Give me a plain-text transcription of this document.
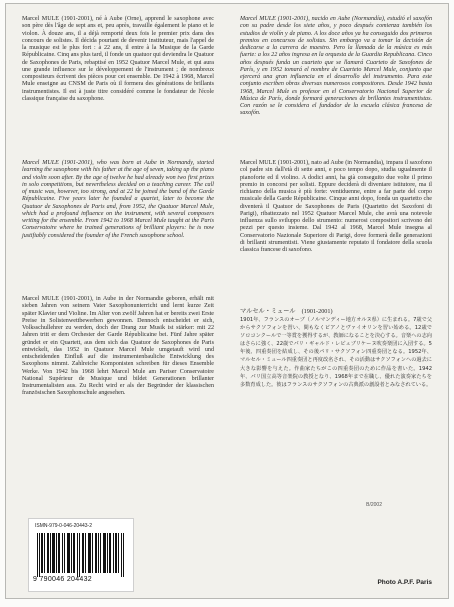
Marcel MULE (1901-2001), né à Aube (Orne), apprend le saxophone avec son père dès l'âge de sept ans et, peu après, travaille également le piano et le violon. À douze ans, il a déjà remporté deux fois le premier prix dans des concours de solistes. Il décida pourtant de devenir instituteur, mais l'appel de la musique est le plus fort : à 22 ans, il entre à la Musique de la Garde Républicaine. Cinq ans plus tard, il fonde un quatuor qui deviendra le Quatuor de Saxophones de Paris, rebaptisé en 1952 Quatuor Marcel Mule, et qui aura une grande influence sur le développement de l'instrument ; de nombreux compositeurs écrivent des pièces pour cet ensemble. De 1942 à 1968, Marcel Mule enseigne au CNSM de Paris où il formera des générations de brillants instrumentistes. Il est à juste titre considéré comme le fondateur de l'école classique française du saxophone.

Marcel MULE (1901-2001), who was born at Aube in Normandy, started learning the saxophone with his father at the age of seven, taking up the piano and violin soon after. By the age of twelve he had already won two first prizes in solo competitions, but nevertheless decided on a teaching career. The call of music was, however, too strong, and at 22 he joined the band of the Garde Républicaine. Five years later he founded a quartet, later to become the Quatuor de Saxophones de Paris and, from 1952, the Quatuor Marcel Mule, which had a profound influence on the instrument, with several composers writing for the ensemble. From 1942 to 1968 Marcel Mule taught at the Paris Conservatoire where he trained generations of brilliant players: he is now justifiably considered the founder of the French saxophone school.

Marcel MULE (1901-2001), in Aube in der Normandie geboren, erhält mit sieben Jahren von seinem Vater Saxophonunterricht und lernt kurze Zeit später Klavier und Violine. Im Alter von zwölf Jahren hat er bereits zwei Erste Preise in Solistenwettbewerben gewonnen. Dennoch entscheidet er sich, Volksschullehrer zu werden, doch der Drang zur Musik ist stärker: mit 22 Jahren tritt er dem Orchester der Garde Républicaine bei. Fünf Jahre später gründet er ein Quartett, aus dem sich das Quatuor de Saxophones de Paris entwickelt, das 1952 in Quatuor Marcel Mule umgetauft wird und entscheidenden Einfluß auf die instrumentenbauliche Entwicklung des Saxophons nimmt. Zahlreiche Komponisten schreiben für dieses Ensemble Werke. Von 1942 bis 1968 lehrt Marcel Mule am Pariser Conservatoire National Supérieur de Musique und bildet Generationen brillanter Instrumentalisten aus. Zu Recht wird er als der Begründer der klassischen französischen Saxophonschule angesehen.

Marcel MULE (1901-2001), nacido en Aube (Normandía), estudió el saxofón con su padre desde los siete años, y poco después comienza también los estudios de violín y de piano. A los doce años ya ha conseguido dos primeros premios en concursos de solistas. Sin embargo va a tomar la decisión de dedicarse a la carrera de maestro. Pero la llamada de la música es más fuerte: a los 22 años ingresa en la orquesta de la Guardia Republicana. Cinco años después funda un cuarteto que se llamará Cuarteto de Saxofones de París, y en 1952 tomará el nombre de Cuarteto Marcel Mule, conjunto que ejercerá una gran influencia en el desarrollo del instrumento. Para este conjunto escriben obras diversas numerosos compositores. Desde 1942 hasta 1968, Marcel Mule es profesor en el Conservatorio Nacional Superior de Música de París, donde formará generaciones de brillantes instrumentistas. Con razón se le considera el fundador de la escuela clásica francesa de saxofón.

Marcel MULE (1901-2001), nato ad Aube (in Normandia), impara il saxofono col padre sin dall'età di sette anni, e poco tempo dopo, studia ugualmente il pianoforte ed il violino. A dodici anni, ha già conseguito due volte il primo premio in concorsi per solisti. Eppure deciderà di diventare istitutore, ma il richiamo della musica è più forte: ventiduenne, entre a far parte del corpo musicale della Garde Républicaine. Cinque anni dopo, fonda un quartetto che diventerà il Quatuor de Saxophones de Paris (Quartetto dei Saxofoni di Parigi), ribattezzato nel 1952 Quatuor Marcel Mule, che avrà una notevole influenza sullo sviluppo dello strumento: numerosi compositori scrivono dei pezzi per questo insieme. Dal 1942 al 1968, Marcel Mule insegna al Conservatorio Nazionale Superiore di Parigi, dove formerà delle generazioni di brillanti strumentisti. Viene giustamente reputato il fondatore della scuola classica francese di saxofono.

マルセル・ミュール　(1901-2001)

1901年、フランスのオーブ（ノルマンディー地方オルヌ県）に生まれる。7歳で父からサクソフォンを習い、間もなくピアノとヴァイオリンを習い始める。12歳でソロコンクールで一等賞を獲得するが、教師になることを決心する。音楽への志向はさらに強く、22歳でパリ・ギャルド・レピュブリケーヌ吹奏楽団に入団する。5年後、四重奏団を結成し、その後パリ・サクソフォン四重奏団となる。1952年、マルセル・ミュール四重奏団と再度改名され、その活動はサクソフォンへの過去に大きな影響を与えた。作曲家たちがこの四重奏団のために作品を書いた。1942年、パリ国立高等音楽院の教授となり、1968年まで在職し、優れた演奏家たちを多数育成した。彼はフランスのサクソフォンの古典派の創設者とみなされている。

B/2002
ISMN-979-0-046-20443-2
9 790046 204432	Photo A.P.F. Paris
